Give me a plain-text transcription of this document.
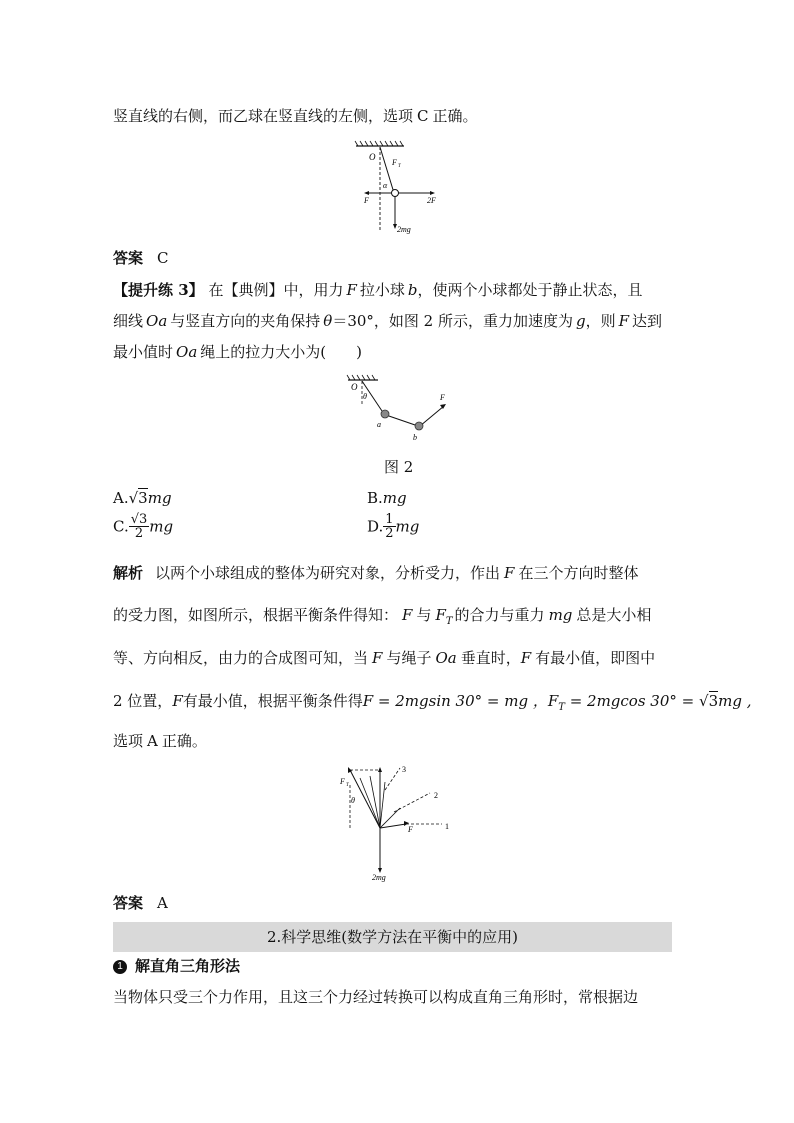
竖直线的右侧，而乙球在竖直线的左侧，选项 C 正确。
O
F T
α
F	2F
2mg
答案 C
【提升练 3】 在【典例】中，用力 F 拉小球 b，使两个小球都处于静止状态，且
细线 Oa 与竖直方向的夹角保持 θ＝30°，如图 2 所示，重力加速度为 g，则 F 达到
最小值时 Oa 绳上的拉力大小为(　　)
O
θ
a
b
F
图 2
A.√3mg	B.mg
C. $\frac{√3}{2}$ mg	D. $\frac{1}{2}$ mg
解析 以两个小球组成的整体为研究对象，分析受力，作出 F 在三个方向时整体
的受力图，如图所示，根据平衡条件得知： F 与 $F_T$ 的合力与重力 mg 总是大小相
等、方向相反，由力的合成图可知，当 F 与绳子 Oa 垂直时，F 有最小值，即图中
2 位置，F有最小值，根据平衡条件得F = 2mgsin 30° = mg ，$F_T = 2mgcos$ 30° = √3mg ,
选项 A 正确。
F T
θ
3
2
1
F
2mg
答案 A
2.科学思维(数学方法在平衡中的应用)
1 解直角三角形法
当物体只受三个力作用，且这三个力经过转换可以构成直角三角形时，常根据边
